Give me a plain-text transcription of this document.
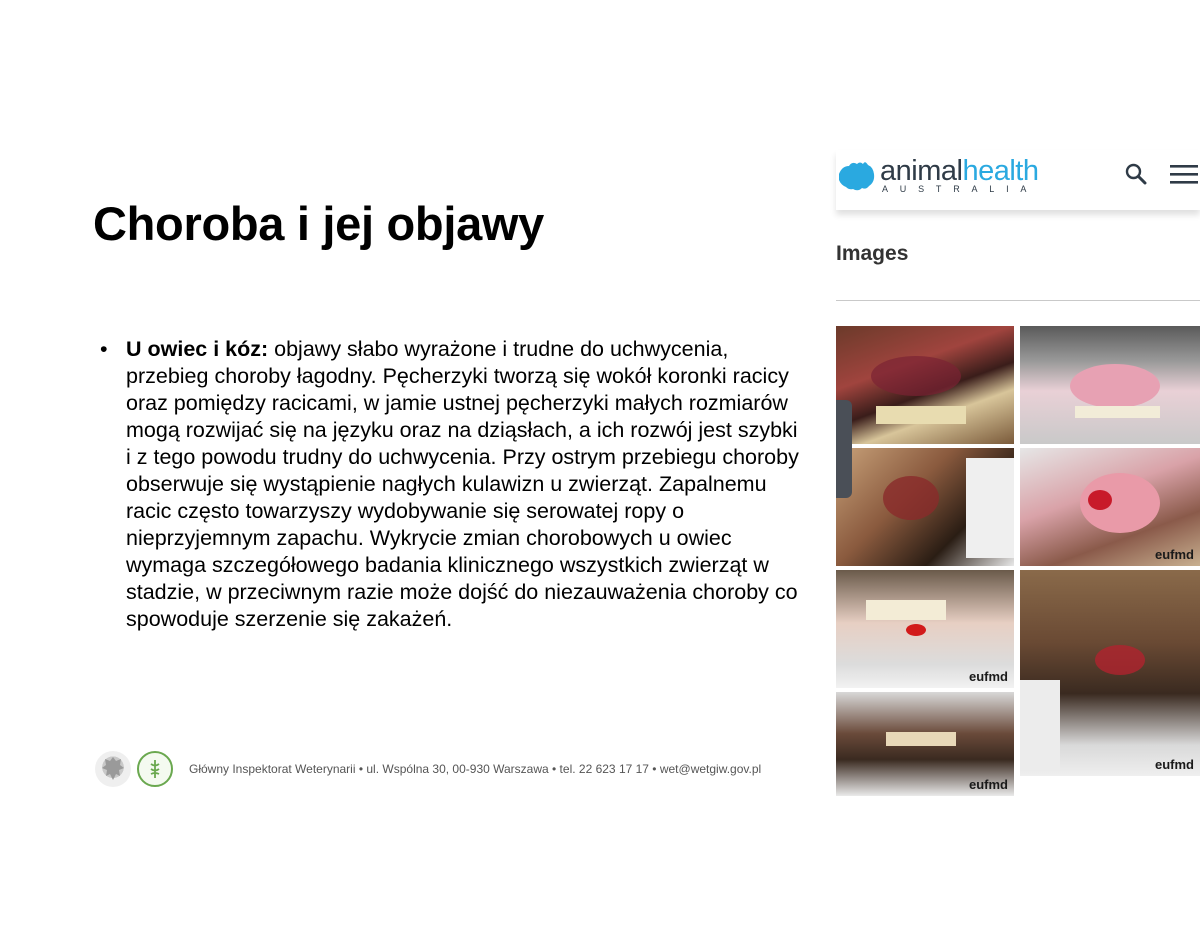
Choroba i jej objawy
• U owiec i kóz: objawy słabo wyrażone i trudne do uchwycenia, przebieg choroby łagodny. Pęcherzyki tworzą się wokół koronki racicy oraz pomiędzy racicami, w jamie ustnej pęcherzyki małych rozmiarów mogą rozwijać się na języku oraz na dziąsłach, a ich rozwój jest szybki i z tego powodu trudny do uchwycenia. Przy ostrym przebiegu choroby obserwuje się wystąpienie nagłych kulawizn u zwierząt. Zapalnemu racic często towarzyszy wydobywanie się serowatej ropy o nieprzyjemnym zapachu. Wykrycie zmian chorobowych u owiec wymaga szczegółowego badania klinicznego wszystkich zwierząt w stadzie, w przeciwnym razie może dojść do niezauważenia choroby co spowoduje szerzenie się zakażeń.
Główny Inspektorat Weterynarii • ul. Wspólna 30, 00-930 Warszawa • tel. 22 623 17 17 • wet@wetgiw.gov.pl
animalhealth
AUSTRALIA
Images
eufmd
eufmd
eufmd
eufmd
